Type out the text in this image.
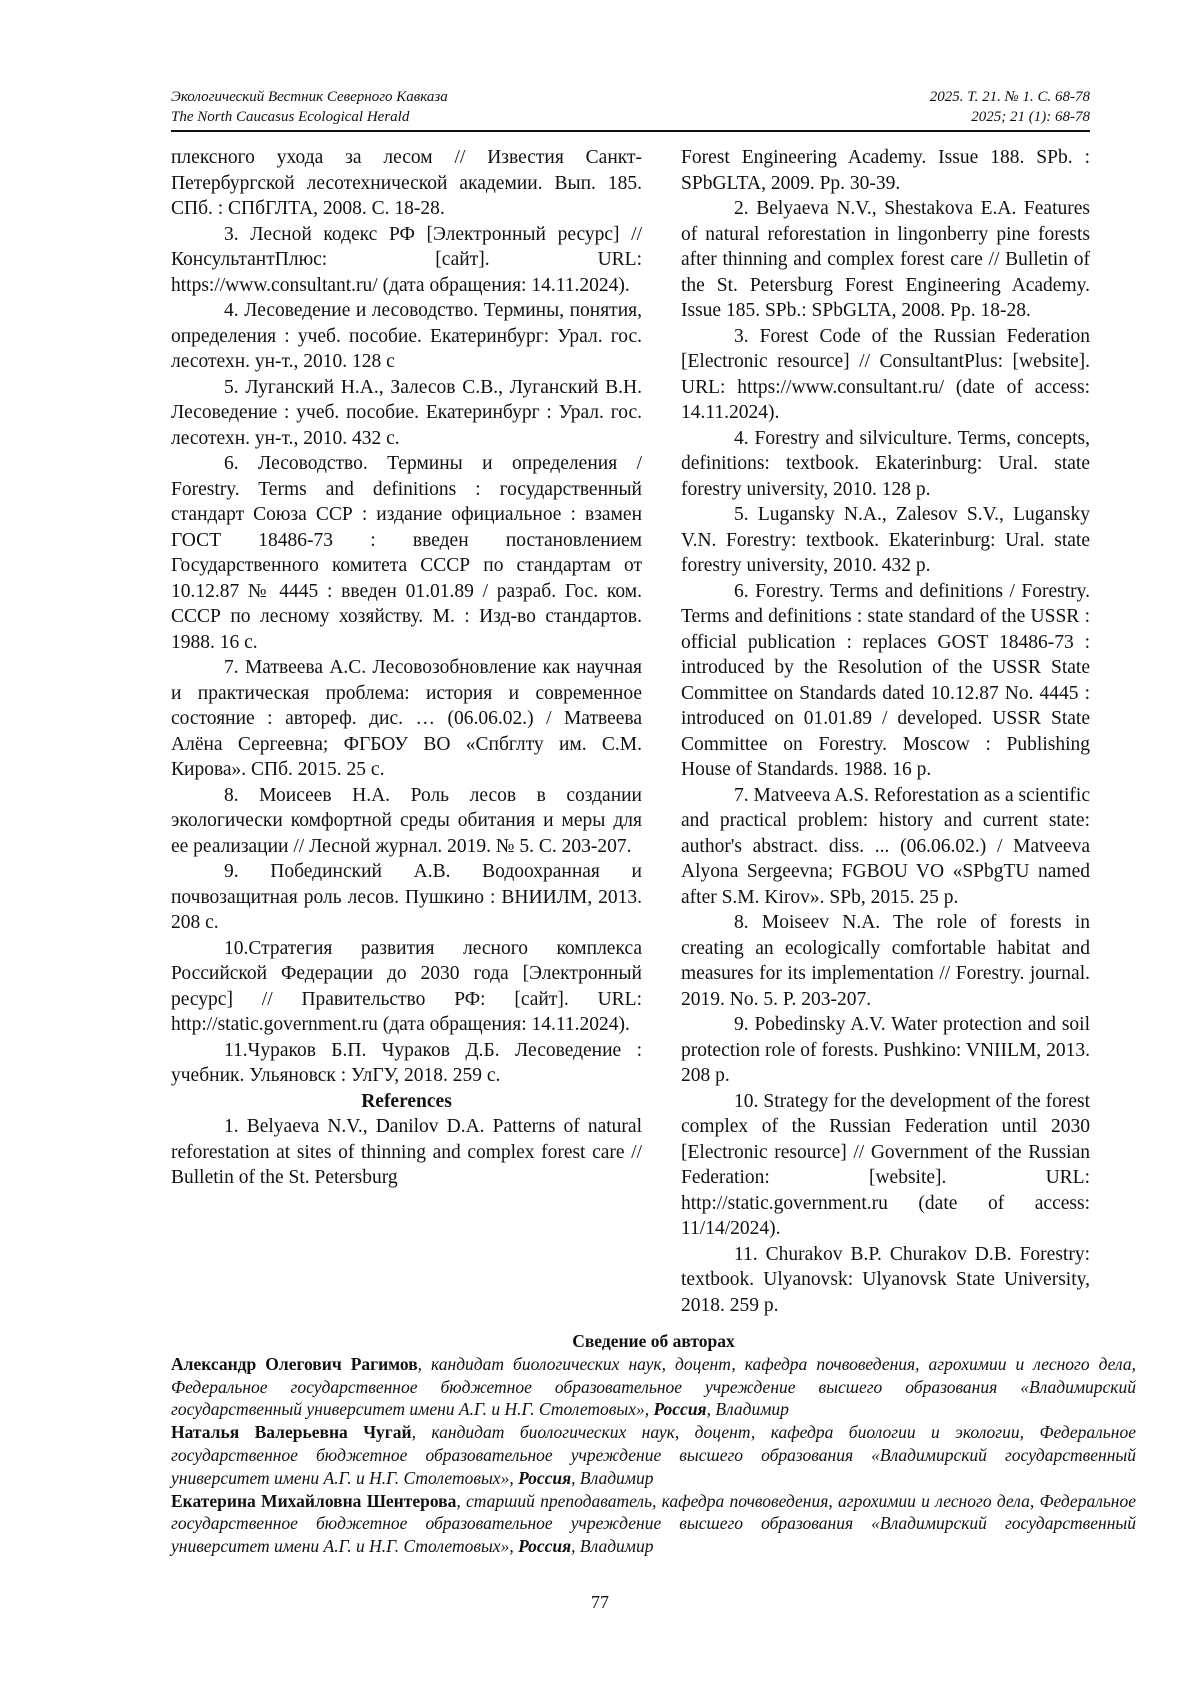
Экологический Вестник Северного Кавказа	2025. Т. 21. № 1. С. 68-78
The North Caucasus Ecological Herald	2025; 21 (1): 68-78

плексного ухода за лесом // Известия СанктПетербургской лесотехнической академии. Вып. 185. СПб. : СПбГЛТА, 2008. С. 18-28.

3. Лесной кодекс РФ [Электронный ресурс] // КонсультантПлюс: [сайт]. URL: https://www.consultant.ru/ (дата обращения: 14.11.2024).

4. Лесоведение и лесоводство. Термины, понятия, определения : учеб. пособие. Екатеринбург: Урал. гос. лесотехн. ун-т., 2010. 128 с

5. Луганский Н.А., Залесов С.В., Луганский В.Н. Лесоведение : учеб. пособие. Екатеринбург : Урал. гос. лесотехн. ун-т., 2010. 432 с.

6. Лесоводство. Термины и определения / Forestry. Terms and definitions : государственный стандарт Союза ССР : издание официальное : взамен ГОСТ 18486-73 : введен постановлением Государственного комитета СССР по стандартам от 10.12.87 № 4445 : введен 01.01.89 / разраб. Гос. ком. СССР по лесному хозяйству. М. : Изд-во стандартов. 1988. 16 с.

7. Матвеева А.С. Лесовозобновление как научная и практическая проблема: история и современное состояние : автореф. дис. … (06.06.02.) / Матвеева Алёна Сергеевна; ФГБОУ ВО «Спбглту им. С.М. Кирова». СПб. 2015. 25 с.

8. Моисеев Н.А. Роль лесов в создании экологически комфортной среды обитания и меры для ее реализации // Лесной журнал. 2019. № 5. С. 203-207.

9. Побединский А.В. Водоохранная и почвозащитная роль лесов. Пушкино : ВНИИЛМ, 2013. 208 с.

10.Стратегия развития лесного комплекса Российской Федерации до 2030 года [Электронный ресурс] // Правительство РФ: [сайт]. URL: http://static.government.ru (дата обращения: 14.11.2024).

11.Чураков Б.П. Чураков Д.Б. Лесоведение : учебник. Ульяновск : УлГУ, 2018. 259 с.

References

1. Belyaeva N.V., Danilov D.A. Patterns of natural reforestation at sites of thinning and complex forest care // Bulletin of the St. Petersburg

Forest Engineering Academy. Issue 188. SPb. : SPbGLTA, 2009. Pp. 30-39.

2. Belyaeva N.V., Shestakova E.A. Features of natural reforestation in lingonberry pine forests after thinning and complex forest care // Bulletin of the St. Petersburg Forest Engineering Academy. Issue 185. SPb.: SPbGLTA, 2008. Pp. 18-28.

3. Forest Code of the Russian Federation [Electronic resource] // ConsultantPlus: [website]. URL: https://www.consultant.ru/ (date of access: 14.11.2024).

4. Forestry and silviculture. Terms, concepts, definitions: textbook. Ekaterinburg: Ural. state forestry university, 2010. 128 p.

5. Lugansky N.A., Zalesov S.V., Lugansky V.N. Forestry: textbook. Ekaterinburg: Ural. state forestry university, 2010. 432 p.

6. Forestry. Terms and definitions / Forestry. Terms and definitions : state standard of the USSR : official publication : replaces GOST 18486-73 : introduced by the Resolution of the USSR State Committee on Standards dated 10.12.87 No. 4445 : introduced on 01.01.89 / developed. USSR State Committee on Forestry. Moscow : Publishing House of Standards. 1988. 16 p.

7. Matveeva A.S. Reforestation as a scientific and practical problem: history and current state: author's abstract. diss. ... (06.06.02.) / Matveeva Alyona Sergeevna; FGBOU VO «SPbgTU named after S.M. Kirov». SPb, 2015. 25 p.

8. Moiseev N.A. The role of forests in creating an ecologically comfortable habitat and measures for its implementation // Forestry. journal. 2019. No. 5. P. 203-207.

9. Pobedinsky A.V. Water protection and soil protection role of forests. Pushkino: VNIILM, 2013. 208 p.

10. Strategy for the development of the forest complex of the Russian Federation until 2030 [Electronic resource] // Government of the Russian Federation: [website]. URL: http://static.government.ru (date of access: 11/14/2024).

11. Churakov B.P. Churakov D.B. Forestry: textbook. Ulyanovsk: Ulyanovsk State University, 2018. 259 p.

Сведение об авторах

Александр Олегович Рагимов, кандидат биологических наук, доцент, кафедра почвоведения, агрохимии и лесного дела, Федеральное государственное бюджетное образовательное учреждение высшего образования «Владимирский государственный университет имени А.Г. и Н.Г. Столетовых», Россия, Владимир

Наталья Валерьевна Чугай, кандидат биологических наук, доцент, кафедра биологии и экологии, Федеральное государственное бюджетное образовательное учреждение высшего образования «Владимирский государственный университет имени А.Г. и Н.Г. Столетовых», Россия, Владимир

Екатерина Михайловна Шентерова, старший преподаватель, кафедра почвоведения, агрохимии и лесного дела, Федеральное государственное бюджетное образовательное учреждение высшего образования «Владимирский государственный университет имени А.Г. и Н.Г. Столетовых», Россия, Владимир

77
